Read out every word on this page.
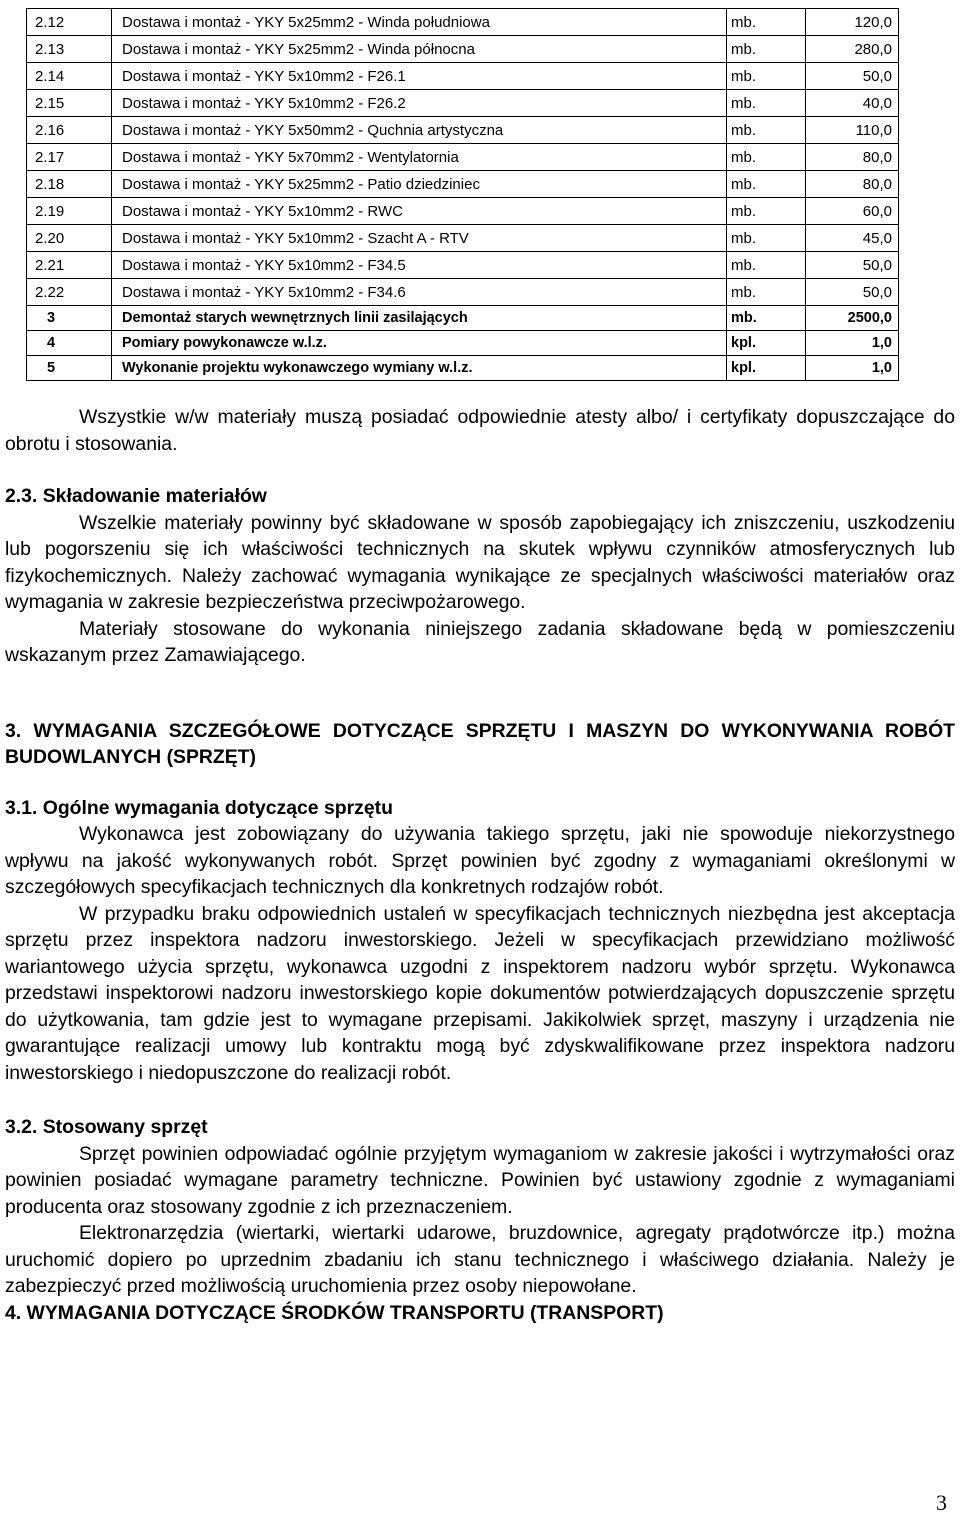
2.12	Dostawa i montaż - YKY 5x25mm2 - Winda południowa	mb.	120,0
2.13	Dostawa i montaż - YKY 5x25mm2 - Winda północna	mb.	280,0
2.14	Dostawa i montaż - YKY 5x10mm2 - F26.1	mb.	50,0
2.15	Dostawa i montaż - YKY 5x10mm2 - F26.2	mb.	40,0
2.16	Dostawa i montaż - YKY 5x50mm2 - Quchnia artystyczna	mb.	110,0
2.17	Dostawa i montaż - YKY 5x70mm2 - Wentylatornia	mb.	80,0
2.18	Dostawa i montaż - YKY 5x25mm2 - Patio dziedziniec	mb.	80,0
2.19	Dostawa i montaż - YKY 5x10mm2 - RWC	mb.	60,0
2.20	Dostawa i montaż - YKY 5x10mm2 - Szacht A - RTV	mb.	45,0
2.21	Dostawa i montaż - YKY 5x10mm2 - F34.5	mb.	50,0
2.22	Dostawa i montaż - YKY 5x10mm2 - F34.6	mb.	50,0
3	Demontaż starych wewnętrznych linii zasilających	mb.	2500,0
4	Pomiary powykonawcze w.l.z.	kpl.	1,0
5	Wykonanie projektu wykonawczego wymiany w.l.z.	kpl.	1,0

Wszystkie w/w materiały muszą posiadać odpowiednie atesty albo/ i certyfikaty dopuszczające do obrotu i stosowania.

2.3. Składowanie materiałów

Wszelkie materiały powinny być składowane w sposób zapobiegający ich zniszczeniu, uszkodzeniu lub pogorszeniu się ich właściwości technicznych na skutek wpływu czynników atmosferycznych lub fizykochemicznych. Należy zachować wymagania wynikające ze specjalnych właściwości materiałów oraz wymagania w zakresie bezpieczeństwa przeciwpożarowego.

Materiały stosowane do wykonania niniejszego zadania składowane będą w pomieszczeniu wskazanym przez Zamawiającego.

3. WYMAGANIA SZCZEGÓŁOWE DOTYCZĄCE SPRZĘTU I MASZYN DO WYKONYWANIA ROBÓT BUDOWLANYCH (SPRZĘT)

3.1. Ogólne wymagania dotyczące sprzętu

Wykonawca jest zobowiązany do używania takiego sprzętu, jaki nie spowoduje niekorzystnego wpływu na jakość wykonywanych robót. Sprzęt powinien być zgodny z wymaganiami określonymi w szczegółowych specyfikacjach technicznych dla konkretnych rodzajów robót.

W przypadku braku odpowiednich ustaleń w specyfikacjach technicznych niezbędna jest akceptacja sprzętu przez inspektora nadzoru inwestorskiego. Jeżeli w specyfikacjach przewidziano możliwość wariantowego użycia sprzętu, wykonawca uzgodni z inspektorem nadzoru wybór sprzętu. Wykonawca przedstawi inspektorowi nadzoru inwestorskiego kopie dokumentów potwierdzających dopuszczenie sprzętu do użytkowania, tam gdzie jest to wymagane przepisami. Jakikolwiek sprzęt, maszyny i urządzenia nie gwarantujące realizacji umowy lub kontraktu mogą być zdyskwalifikowane przez inspektora nadzoru inwestorskiego i niedopuszczone do realizacji robót.

3.2. Stosowany sprzęt

Sprzęt powinien odpowiadać ogólnie przyjętym wymaganiom w zakresie jakości i wytrzymałości oraz powinien posiadać wymagane parametry techniczne. Powinien być ustawiony zgodnie z wymaganiami producenta oraz stosowany zgodnie z ich przeznaczeniem.

Elektronarzędzia (wiertarki, wiertarki udarowe, bruzdownice, agregaty prądotwórcze itp.) można uruchomić dopiero po uprzednim zbadaniu ich stanu technicznego i właściwego działania. Należy je zabezpieczyć przed możliwością uruchomienia przez osoby niepowołane.

4. WYMAGANIA DOTYCZĄCE ŚRODKÓW TRANSPORTU (TRANSPORT)

3
